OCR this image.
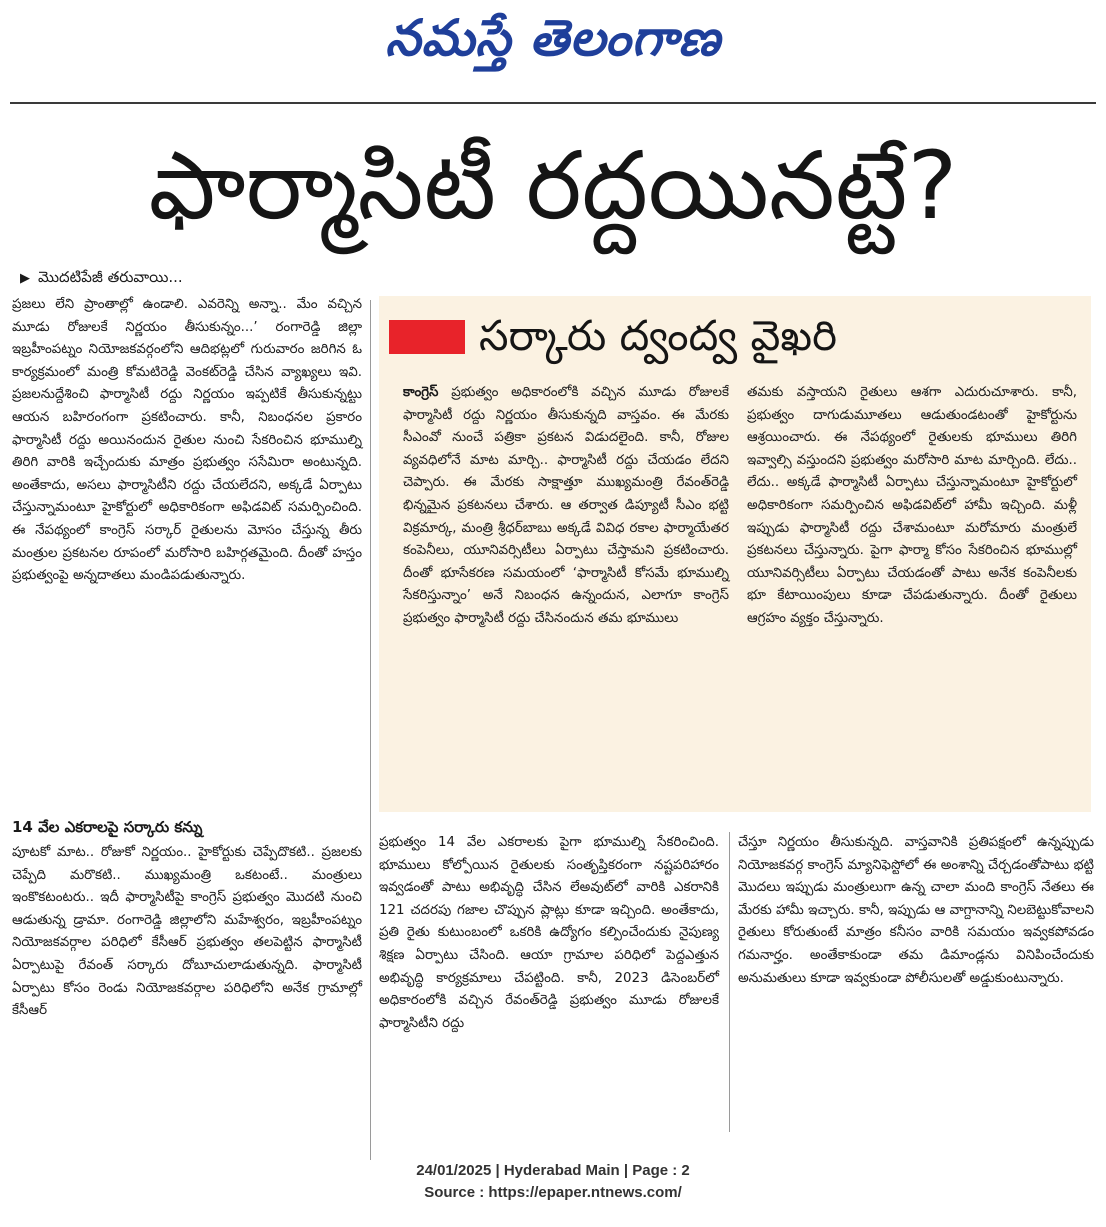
నమస్తే తెలంగాణ
ఫార్మాసిటీ రద్దయినట్టే?
▶ మొదటిపేజీ తరువాయి...

ప్రజలు లేని ప్రాంతాల్లో ఉండాలి. ఎవరెన్ని అన్నా.. మేం వచ్చిన మూడు రోజులకే నిర్ణయం తీసుకున్నం...’ రంగారెడ్డి జిల్లా ఇబ్రహీంపట్నం నియోజకవర్గంలోని ఆదిభట్లలో గురువారం జరిగిన ఓ కార్యక్రమంలో మంత్రి కోమటిరెడ్డి వెంకట్‌రెడ్డి చేసిన వ్యాఖ్యలు ఇవి. ప్రజలనుద్దేశించి ఫార్మాసిటీ రద్దు నిర్ణయం ఇప్పటికే తీసుకున్నట్టు ఆయన బహిరంగంగా ప్రకటించారు. కానీ, నిబంధనల ప్రకారం ఫార్మాసిటీ రద్దు అయినందున రైతుల నుంచి సేకరించిన భూముల్ని తిరిగి వారికి ఇచ్చేందుకు మాత్రం ప్రభుత్వం ససేమిరా అంటున్నది. అంతేకాదు, అసలు ఫార్మాసిటీని రద్దు చేయలేదని, అక్కడే ఏర్పాటు చేస్తున్నామంటూ హైకోర్టులో అధికారికంగా అఫిడవిట్ సమర్పించింది. ఈ నేపథ్యంలో కాంగ్రెస్ సర్కార్ రైతులను మోసం చేస్తున్న తీరు మంత్రుల ప్రకటనల రూపంలో మరోసారి బహిర్గతమైంది. దీంతో హస్తం ప్రభుత్వంపై అన్నదాతలు మండిపడుతున్నారు.

14 వేల ఎకరాలపై సర్కారు కన్ను

పూటకో మాట.. రోజుకో నిర్ణయం.. హైకోర్టుకు చెప్పేదొకటి.. ప్రజలకు చెప్పేది మరొకటి.. ముఖ్యమంత్రి ఒకటంటే.. మంత్రులు ఇంకొకటంటరు.. ఇదీ ఫార్మాసిటీపై కాంగ్రెస్ ప్రభుత్వం మొదటి నుంచి ఆడుతున్న డ్రామా. రంగారెడ్డి జిల్లాలోని మహేశ్వరం, ఇబ్రహీంపట్నం నియోజకవర్గాల పరిధిలో కేసీఆర్ ప్రభుత్వం తలపెట్టిన ఫార్మాసిటీ ఏర్పాటుపై రేవంత్ సర్కారు దోబూచులాడుతున్నది. ఫార్మాసిటీ ఏర్పాటు కోసం రెండు నియోజకవర్గాల పరిధిలోని అనేక గ్రామాల్లో కేసీఆర్

సర్కారు ద్వంద్వ వైఖరి

కాంగ్రెస్ ప్రభుత్వం అధికారంలోకి వచ్చిన మూడు రోజులకే ఫార్మాసిటీ రద్దు నిర్ణయం తీసుకున్నది వాస్తవం. ఈ మేరకు సీఎంవో నుంచే పత్రికా ప్రకటన విడుదలైంది. కానీ, రోజుల వ్యవధిలోనే మాట మార్చి.. ఫార్మాసిటీ రద్దు చేయడం లేదని చెప్పారు. ఈ మేరకు సాక్షాత్తూ ముఖ్యమంత్రి రేవంత్‌రెడ్డి భిన్నమైన ప్రకటనలు చేశారు. ఆ తర్వాత డిప్యూటీ సీఎం భట్టి విక్రమార్క, మంత్రి శ్రీధర్‌బాబు అక్కడే వివిధ రకాల ఫార్మాయేతర కంపెనీలు, యూనివర్సిటీలు ఏర్పాటు చేస్తామని ప్రకటించారు. దీంతో భూసేకరణ సమయంలో ‘ఫార్మాసిటీ కోసమే భూముల్ని సేకరిస్తున్నాం’ అనే నిబంధన ఉన్నందున, ఎలాగూ కాంగ్రెస్ ప్రభుత్వం ఫార్మాసిటీ రద్దు చేసినందున తమ భూములు

తమకు వస్తాయని రైతులు ఆశగా ఎదురుచూశారు. కానీ, ప్రభుత్వం దాగుడుమూతలు ఆడుతుండటంతో హైకోర్టును ఆశ్రయించారు. ఈ నేపథ్యంలో రైతులకు భూములు తిరిగి ఇవ్వాల్సి వస్తుందని ప్రభుత్వం మరోసారి మాట మార్చింది. లేదు.. లేదు.. అక్కడే ఫార్మాసిటీ ఏర్పాటు చేస్తున్నామంటూ హైకోర్టులో అధికారికంగా సమర్పించిన అఫిడవిట్‌లో హామీ ఇచ్చింది. మళ్లీ ఇప్పుడు ఫార్మాసిటీ రద్దు చేశామంటూ మరోమారు మంత్రులే ప్రకటనలు చేస్తున్నారు. పైగా ఫార్మా కోసం సేకరించిన భూముల్లో యూనివర్సిటీలు ఏర్పాటు చేయడంతో పాటు అనేక కంపెనీలకు భూ కేటాయింపులు కూడా చేపడుతున్నారు. దీంతో రైతులు ఆగ్రహం వ్యక్తం చేస్తున్నారు.

ప్రభుత్వం 14 వేల ఎకరాలకు పైగా భూముల్ని సేకరించింది. భూములు కోల్పోయిన రైతులకు సంతృప్తికరంగా నష్టపరిహారం ఇవ్వడంతో పాటు అభివృద్ధి చేసిన లేఅవుట్‌లో వారికి ఎకరానికి 121 చదరపు గజాల చొప్పున ప్లాట్లు కూడా ఇచ్చింది. అంతేకాదు, ప్రతి రైతు కుటుంబంలో ఒకరికి ఉద్యోగం కల్పించేందుకు నైపుణ్య శిక్షణ ఏర్పాటు చేసింది. ఆయా గ్రామాల పరిధిలో పెద్దఎత్తున అభివృద్ధి కార్యక్రమాలు చేపట్టింది. కానీ, 2023 డిసెంబర్‌లో అధికారంలోకి వచ్చిన రేవంత్‌రెడ్డి ప్రభుత్వం మూడు రోజులకే ఫార్మాసిటీని రద్దు

చేస్తూ నిర్ణయం తీసుకున్నది. వాస్తవానికి ప్రతిపక్షంలో ఉన్నప్పుడు నియోజకవర్గ కాంగ్రెస్ మ్యానిఫెస్టోలో ఈ అంశాన్ని చేర్చడంతోపాటు భట్టి మొదలు ఇప్పుడు మంత్రులుగా ఉన్న చాలా మంది కాంగ్రెస్ నేతలు ఈ మేరకు హామీ ఇచ్చారు. కానీ, ఇప్పుడు ఆ వాగ్దానాన్ని నిలబెట్టుకోవాలని రైతులు కోరుతుంటే మాత్రం కనీసం వారికి సమయం ఇవ్వకపోవడం గమనార్హం. అంతేకాకుండా తమ డిమాండ్లను వినిపించేందుకు అనుమతులు కూడా ఇవ్వకుండా పోలీసులతో అడ్డుకుంటున్నారు.

24/01/2025 | Hyderabad Main | Page : 2
Source : https://epaper.ntnews.com/
